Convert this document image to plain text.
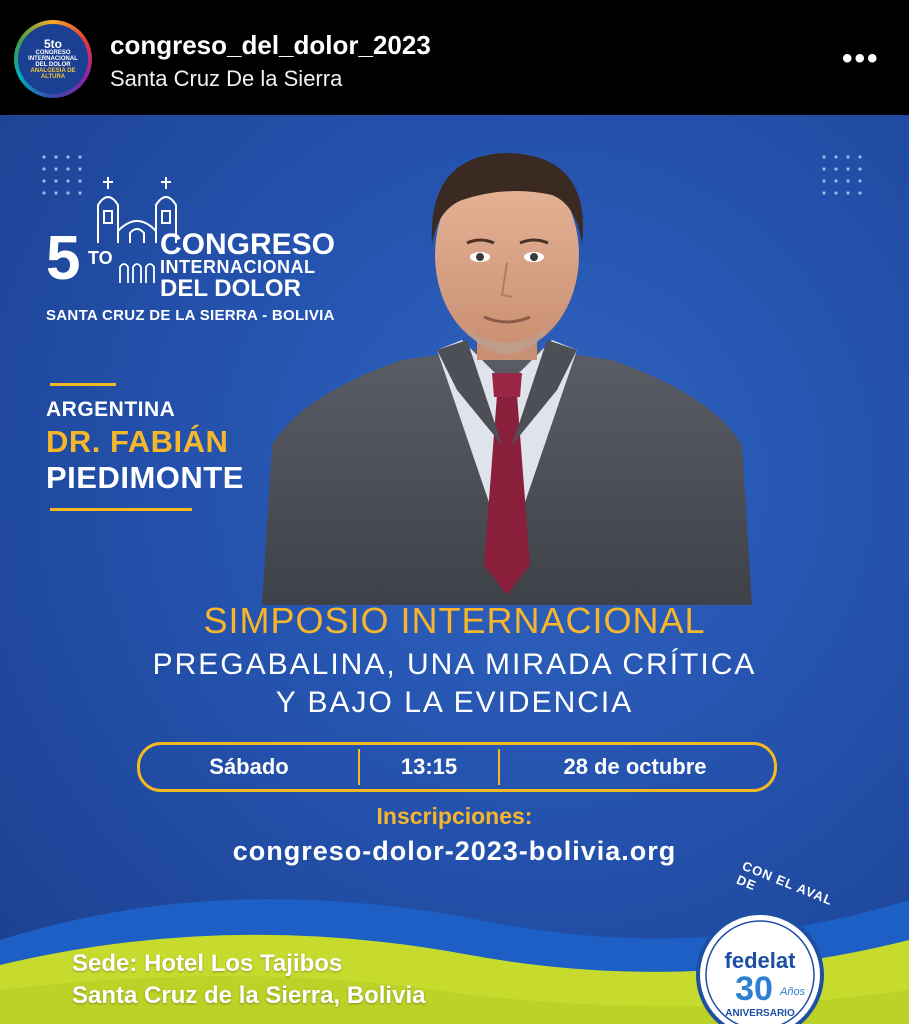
5to
CONGRESO INTERNACIONAL DEL DOLOR
ANALGESIA DE ALTURA
congreso_del_dolor_2023
Santa Cruz De la Sierra
•••
5 TO CONGRESO
INTERNACIONAL
DEL DOLOR
SANTA CRUZ DE LA SIERRA - BOLIVIA
ARGENTINA
DR. FABIÁN
PIEDIMONTE
SIMPOSIO INTERNACIONAL
PREGABALINA, UNA MIRADA CRÍTICA
Y BAJO LA EVIDENCIA
Sábado	13:15	28 de octubre
Inscripciones:
congreso-dolor-2023-bolivia.org
Sede: Hotel Los Tajibos
Santa Cruz de la Sierra, Bolivia
CON EL AVAL DE
fedelat
30 Años
ANIVERSARIO
